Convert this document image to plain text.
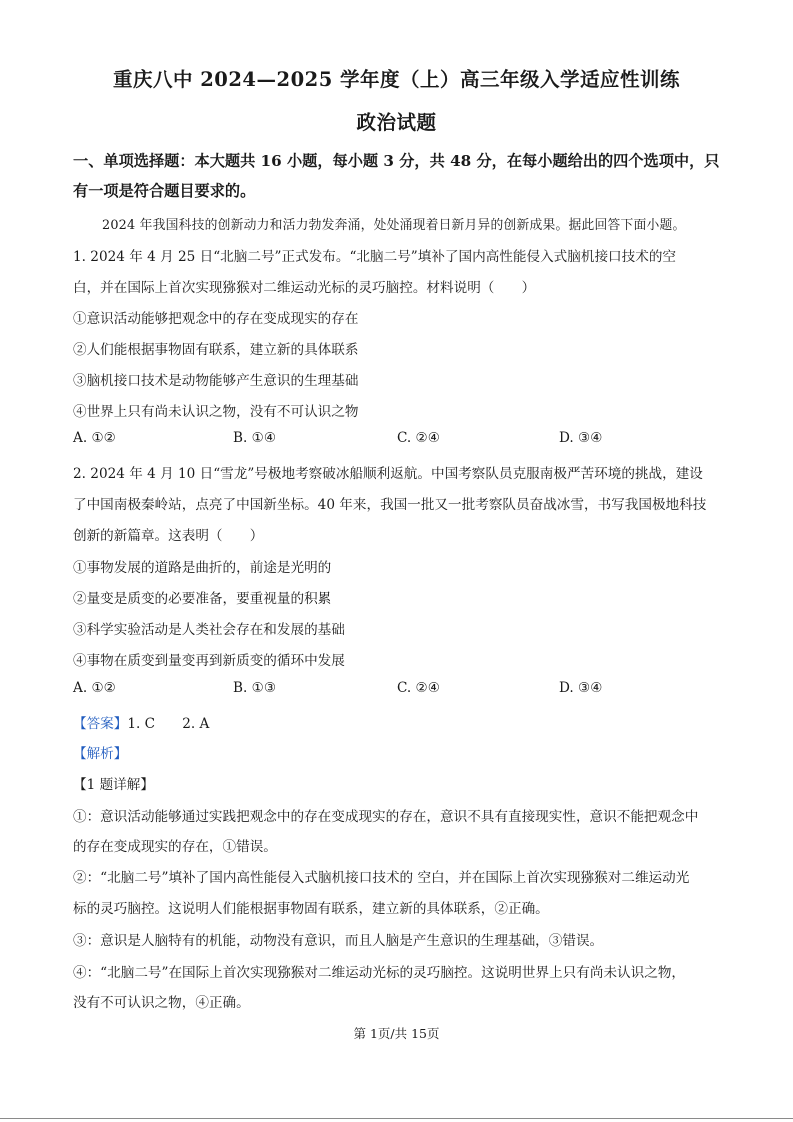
重庆八中 2024—2025 学年度（上）高三年级入学适应性训练
政治试题
一、单项选择题：本大题共 16 小题，每小题 3 分，共 48 分，在每小题给出的四个选项中，只
有一项是符合题目要求的。
2024 年我国科技的创新动力和活力勃发奔涌，处处涌现着日新月异的创新成果。据此回答下面小题。
1. 2024 年 4 月 25 日“北脑二号”正式发布。“北脑二号”填补了国内高性能侵入式脑机接口技术的空
白，并在国际上首次实现猕猴对二维运动光标的灵巧脑控。材料说明（　　）
①意识活动能够把观念中的存在变成现实的存在
②人们能根据事物固有联系，建立新的具体联系
③脑机接口技术是动物能够产生意识的生理基础
④世界上只有尚未认识之物，没有不可认识之物
A. ①②	B. ①④	C. ②④	D. ③④
2. 2024 年 4 月 10 日“雪龙”号极地考察破冰船顺利返航。中国考察队员克服南极严苦环境的挑战，建设
了中国南极秦岭站，点亮了中国新坐标。40 年来，我国一批又一批考察队员奋战冰雪，书写我国极地科技
创新的新篇章。这表明（　　）
①事物发展的道路是曲折的，前途是光明的
②量变是质变的必要准备，要重视量的积累
③科学实验活动是人类社会存在和发展的基础
④事物在质变到量变再到新质变的循环中发展
A. ①②	B. ①③	C. ②④	D. ③④
【答案】1. C　　2. A
【解析】
【1 题详解】
①：意识活动能够通过实践把观念中的存在变成现实的存在，意识不具有直接现实性，意识不能把观念中
的存在变成现实的存在，①错误。
②：“北脑二号”填补了国内高性能侵入式脑机接口技术的 空白，并在国际上首次实现猕猴对二维运动光
标的灵巧脑控。这说明人们能根据事物固有联系，建立新的具体联系，②正确。
③：意识是人脑特有的机能，动物没有意识，而且人脑是产生意识的生理基础，③错误。
④：“北脑二号”在国际上首次实现猕猴对二维运动光标的灵巧脑控。这说明世界上只有尚未认识之物，
没有不可认识之物，④正确。
第 1页/共 15页
